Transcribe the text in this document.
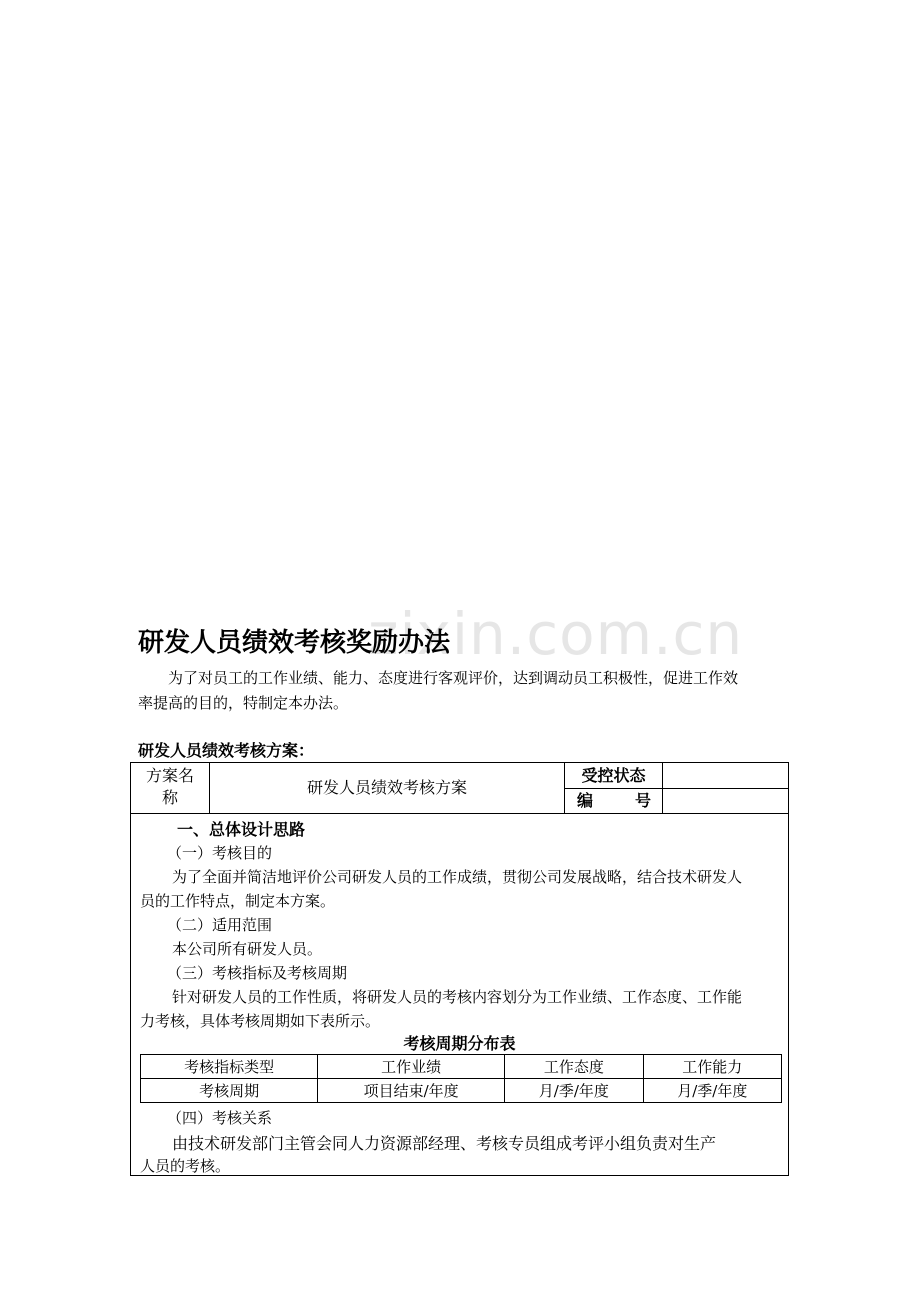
zixin.com.cn
研发人员绩效考核奖励办法
为了对员工的工作业绩、能力、态度进行客观评价，达到调动员工积极性，促进工作效
率提高的目的，特制定本办法。
研发人员绩效考核方案：
方案名
称
研发人员绩效考核方案
受控状态
编	号
一、总体设计思路
（一）考核目的
为了全面并简洁地评价公司研发人员的工作成绩，贯彻公司发展战略，结合技术研发人
员的工作特点，制定本方案。
（二）适用范围
本公司所有研发人员。
（三）考核指标及考核周期
针对研发人员的工作性质，将研发人员的考核内容划分为工作业绩、工作态度、工作能
力考核，具体考核周期如下表所示。
考核周期分布表
考核指标类型	工作业绩	工作态度	工作能力
考核周期	项目结束/年度	月/季/年度	月/季/年度
（四）考核关系
由技术研发部门主管会同人力资源部经理、考核专员组成考评小组负责对生产
人员的考核。
